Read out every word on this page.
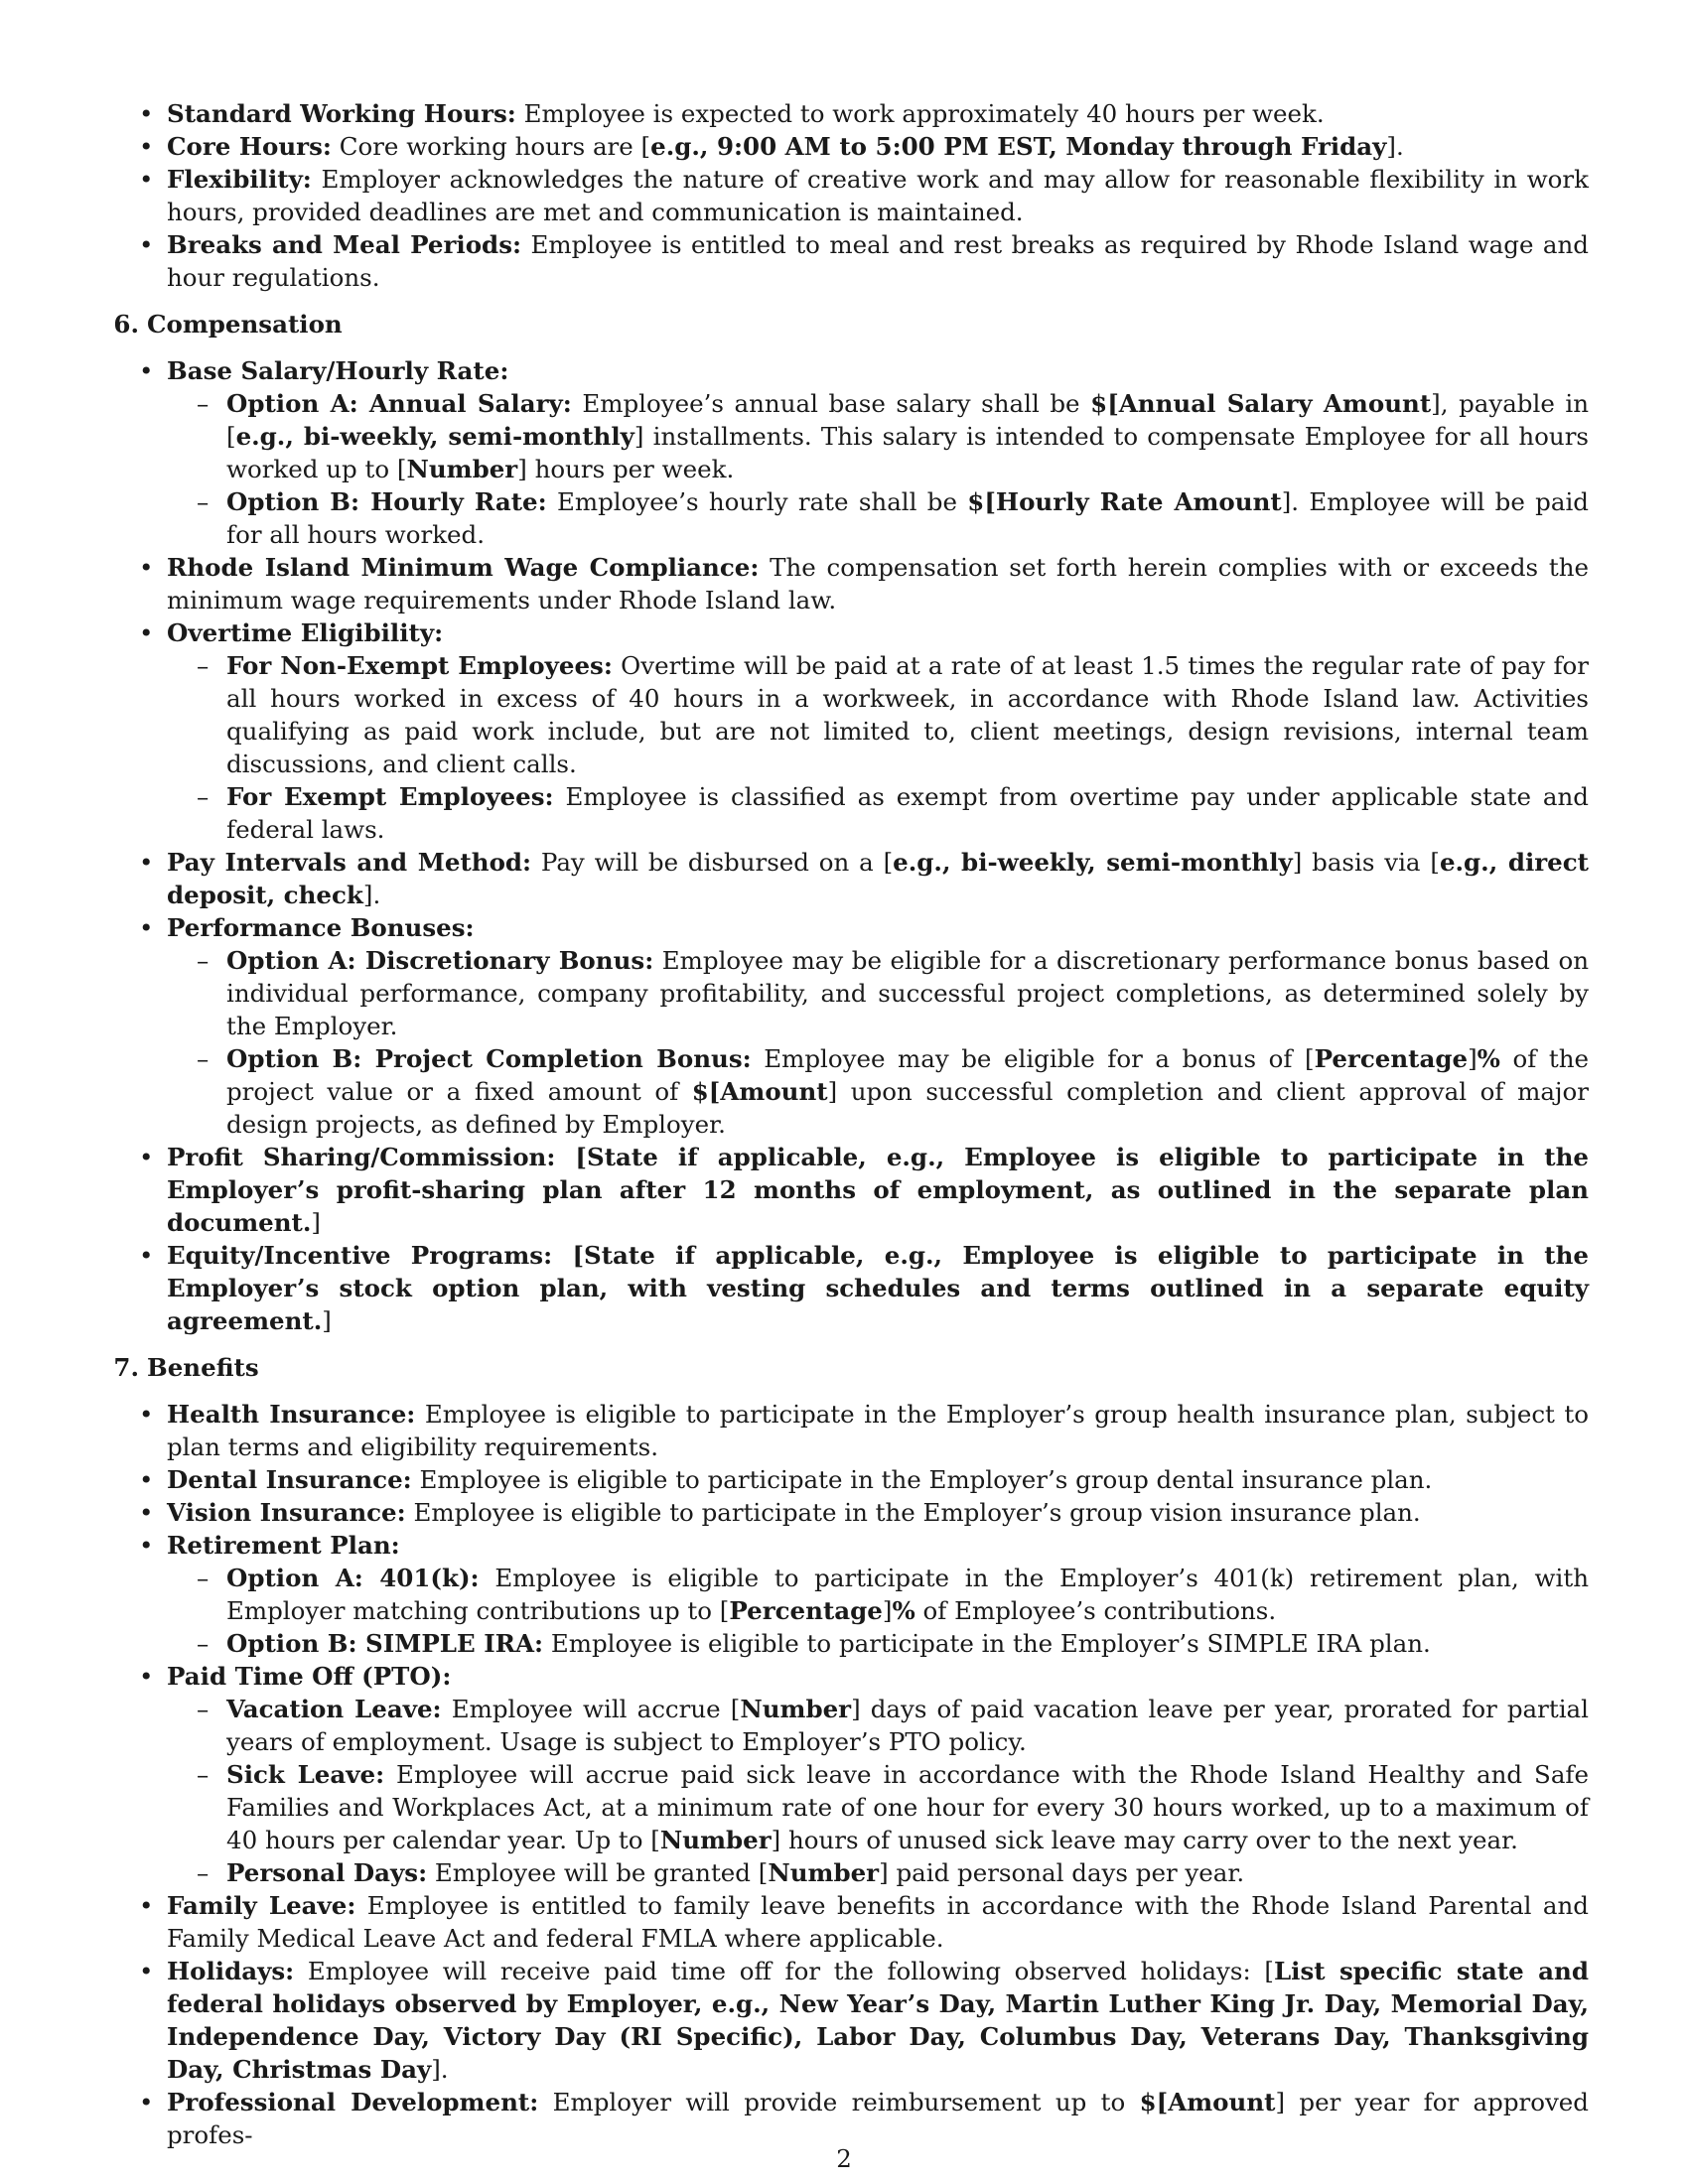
• Standard Working Hours: Employee is expected to work approximately 40 hours per week.
• Core Hours: Core working hours are [e.g., 9:00 AM to 5:00 PM EST, Monday through Friday].
• Flexibility: Employer acknowledges the nature of creative work and may allow for reasonable flexibility in work hours, provided deadlines are met and communication is maintained.
• Breaks and Meal Periods: Employee is entitled to meal and rest breaks as required by Rhode Island wage and hour regulations.
6. Compensation
• Base Salary/Hourly Rate:
– Option A: Annual Salary: Employee’s annual base salary shall be $[Annual Salary Amount], payable in [e.g., bi-weekly, semi-monthly] installments. This salary is intended to compensate Employee for all hours worked up to [Number] hours per week.
– Option B: Hourly Rate: Employee’s hourly rate shall be $[Hourly Rate Amount]. Employee will be paid for all hours worked.
• Rhode Island Minimum Wage Compliance: The compensation set forth herein complies with or exceeds the minimum wage requirements under Rhode Island law.
• Overtime Eligibility:
– For Non-Exempt Employees: Overtime will be paid at a rate of at least 1.5 times the regular rate of pay for all hours worked in excess of 40 hours in a workweek, in accordance with Rhode Island law. Activities qualifying as paid work include, but are not limited to, client meetings, design revisions, internal team discussions, and client calls.
– For Exempt Employees: Employee is classified as exempt from overtime pay under applicable state and federal laws.
• Pay Intervals and Method: Pay will be disbursed on a [e.g., bi-weekly, semi-monthly] basis via [e.g., direct deposit, check].
• Performance Bonuses:
– Option A: Discretionary Bonus: Employee may be eligible for a discretionary performance bonus based on individual performance, company profitability, and successful project completions, as determined solely by the Employer.
– Option B: Project Completion Bonus: Employee may be eligible for a bonus of [Percentage]% of the project value or a fixed amount of $[Amount] upon successful completion and client approval of major design projects, as defined by Employer.
• Profit Sharing/Commission: [State if applicable, e.g., Employee is eligible to participate in the Employer’s profit-sharing plan after 12 months of employment, as outlined in the separate plan document.]
• Equity/Incentive Programs: [State if applicable, e.g., Employee is eligible to participate in the Employer’s stock option plan, with vesting schedules and terms outlined in a separate equity agreement.]
7. Benefits
• Health Insurance: Employee is eligible to participate in the Employer’s group health insurance plan, subject to plan terms and eligibility requirements.
• Dental Insurance: Employee is eligible to participate in the Employer’s group dental insurance plan.
• Vision Insurance: Employee is eligible to participate in the Employer’s group vision insurance plan.
• Retirement Plan:
– Option A: 401(k): Employee is eligible to participate in the Employer’s 401(k) retirement plan, with Employer matching contributions up to [Percentage]% of Employee’s contributions.
– Option B: SIMPLE IRA: Employee is eligible to participate in the Employer’s SIMPLE IRA plan.
• Paid Time Off (PTO):
– Vacation Leave: Employee will accrue [Number] days of paid vacation leave per year, prorated for partial years of employment. Usage is subject to Employer’s PTO policy.
– Sick Leave: Employee will accrue paid sick leave in accordance with the Rhode Island Healthy and Safe Families and Workplaces Act, at a minimum rate of one hour for every 30 hours worked, up to a maximum of 40 hours per calendar year. Up to [Number] hours of unused sick leave may carry over to the next year.
– Personal Days: Employee will be granted [Number] paid personal days per year.
• Family Leave: Employee is entitled to family leave benefits in accordance with the Rhode Island Parental and Family Medical Leave Act and federal FMLA where applicable.
• Holidays: Employee will receive paid time off for the following observed holidays: [List specific state and federal holidays observed by Employer, e.g., New Year’s Day, Martin Luther King Jr. Day, Memorial Day, Independence Day, Victory Day (RI Specific), Labor Day, Columbus Day, Veterans Day, Thanksgiving Day, Christmas Day].
• Professional Development: Employer will provide reimbursement up to $[Amount] per year for approved profes-
2
